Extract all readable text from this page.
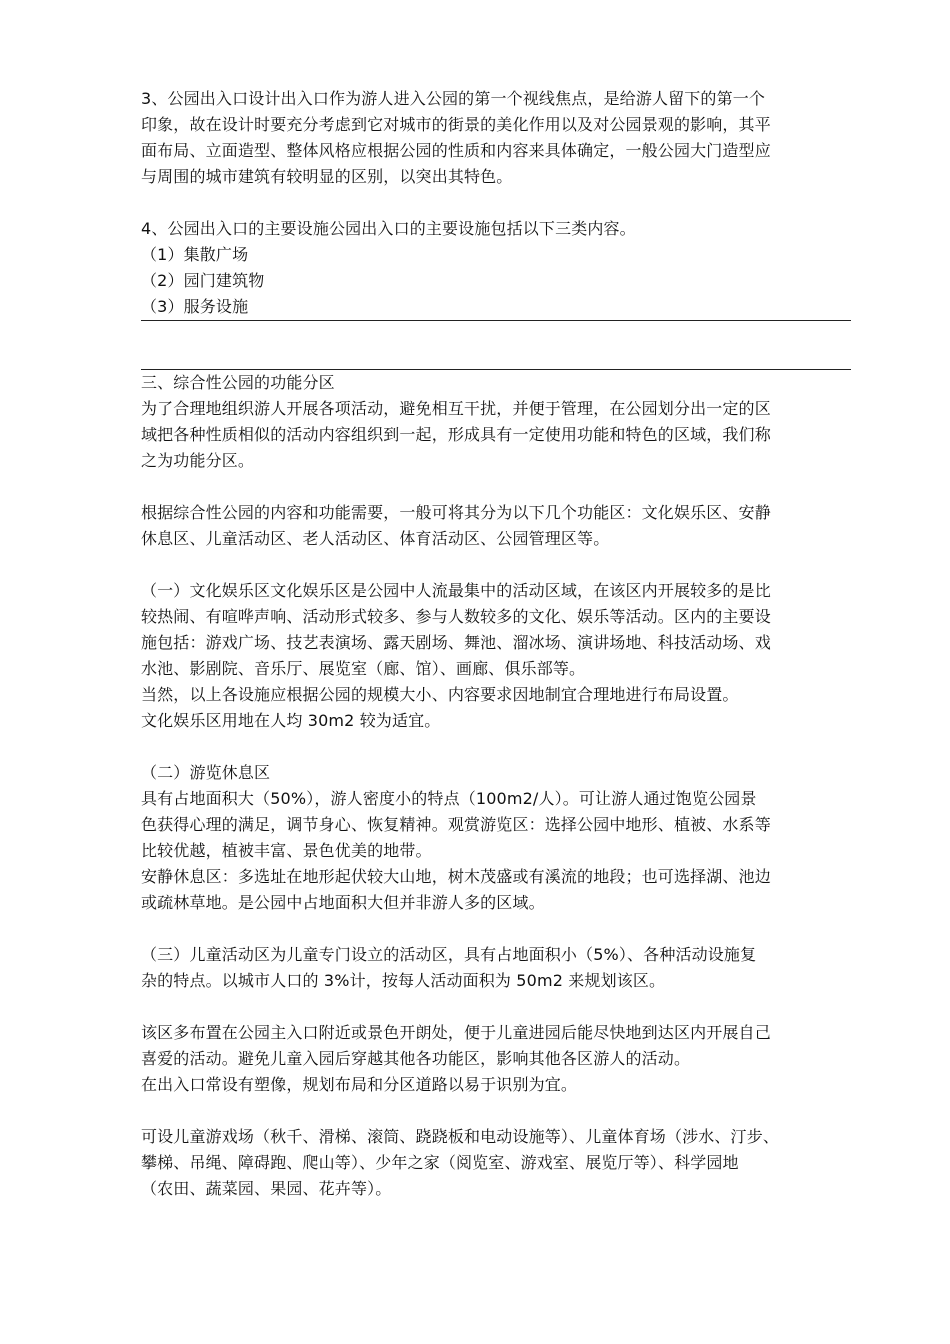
3、公园出入口设计出入口作为游人进入公园的第一个视线焦点，是给游人留下的第一个
印象，故在设计时要充分考虑到它对城市的街景的美化作用以及对公园景观的影响，其平
面布局、立面造型、整体风格应根据公园的性质和内容来具体确定，一般公园大门造型应
与周围的城市建筑有较明显的区别，以突出其特色。
4、公园出入口的主要设施公园出入口的主要设施包括以下三类内容。
（1）集散广场
（2）园门建筑物
（3）服务设施
三、综合性公园的功能分区
为了合理地组织游人开展各项活动，避免相互干扰，并便于管理，在公园划分出一定的区
域把各种性质相似的活动内容组织到一起，形成具有一定使用功能和特色的区域，我们称
之为功能分区。
根据综合性公园的内容和功能需要，一般可将其分为以下几个功能区：文化娱乐区、安静
休息区、儿童活动区、老人活动区、体育活动区、公园管理区等。
（一）文化娱乐区文化娱乐区是公园中人流最集中的活动区域，在该区内开展较多的是比
较热闹、有喧哗声响、活动形式较多、参与人数较多的文化、娱乐等活动。区内的主要设
施包括：游戏广场、技艺表演场、露天剧场、舞池、溜冰场、演讲场地、科技活动场、戏
水池、影剧院、音乐厅、展览室（廊、馆）、画廊、俱乐部等。
当然，以上各设施应根据公园的规模大小、内容要求因地制宜合理地进行布局设置。
文化娱乐区用地在人均 30m2 较为适宜。
（二）游览休息区
具有占地面积大（50%），游人密度小的特点（100m2/人）。可让游人通过饱览公园景
色获得心理的满足，调节身心、恢复精神。观赏游览区：选择公园中地形、植被、水系等
比较优越，植被丰富、景色优美的地带。
安静休息区：多选址在地形起伏较大山地，树木茂盛或有溪流的地段；也可选择湖、池边
或疏林草地。是公园中占地面积大但并非游人多的区域。
（三）儿童活动区为儿童专门设立的活动区，具有占地面积小（5%）、各种活动设施复
杂的特点。以城市人口的 3%计，按每人活动面积为 50m2 来规划该区。
该区多布置在公园主入口附近或景色开朗处，便于儿童进园后能尽快地到达区内开展自己
喜爱的活动。避免儿童入园后穿越其他各功能区，影响其他各区游人的活动。
在出入口常设有塑像，规划布局和分区道路以易于识别为宜。
可设儿童游戏场（秋千、滑梯、滚筒、跷跷板和电动设施等）、儿童体育场（涉水、汀步、
攀梯、吊绳、障碍跑、爬山等）、少年之家（阅览室、游戏室、展览厅等）、科学园地
（农田、蔬菜园、果园、花卉等）。
